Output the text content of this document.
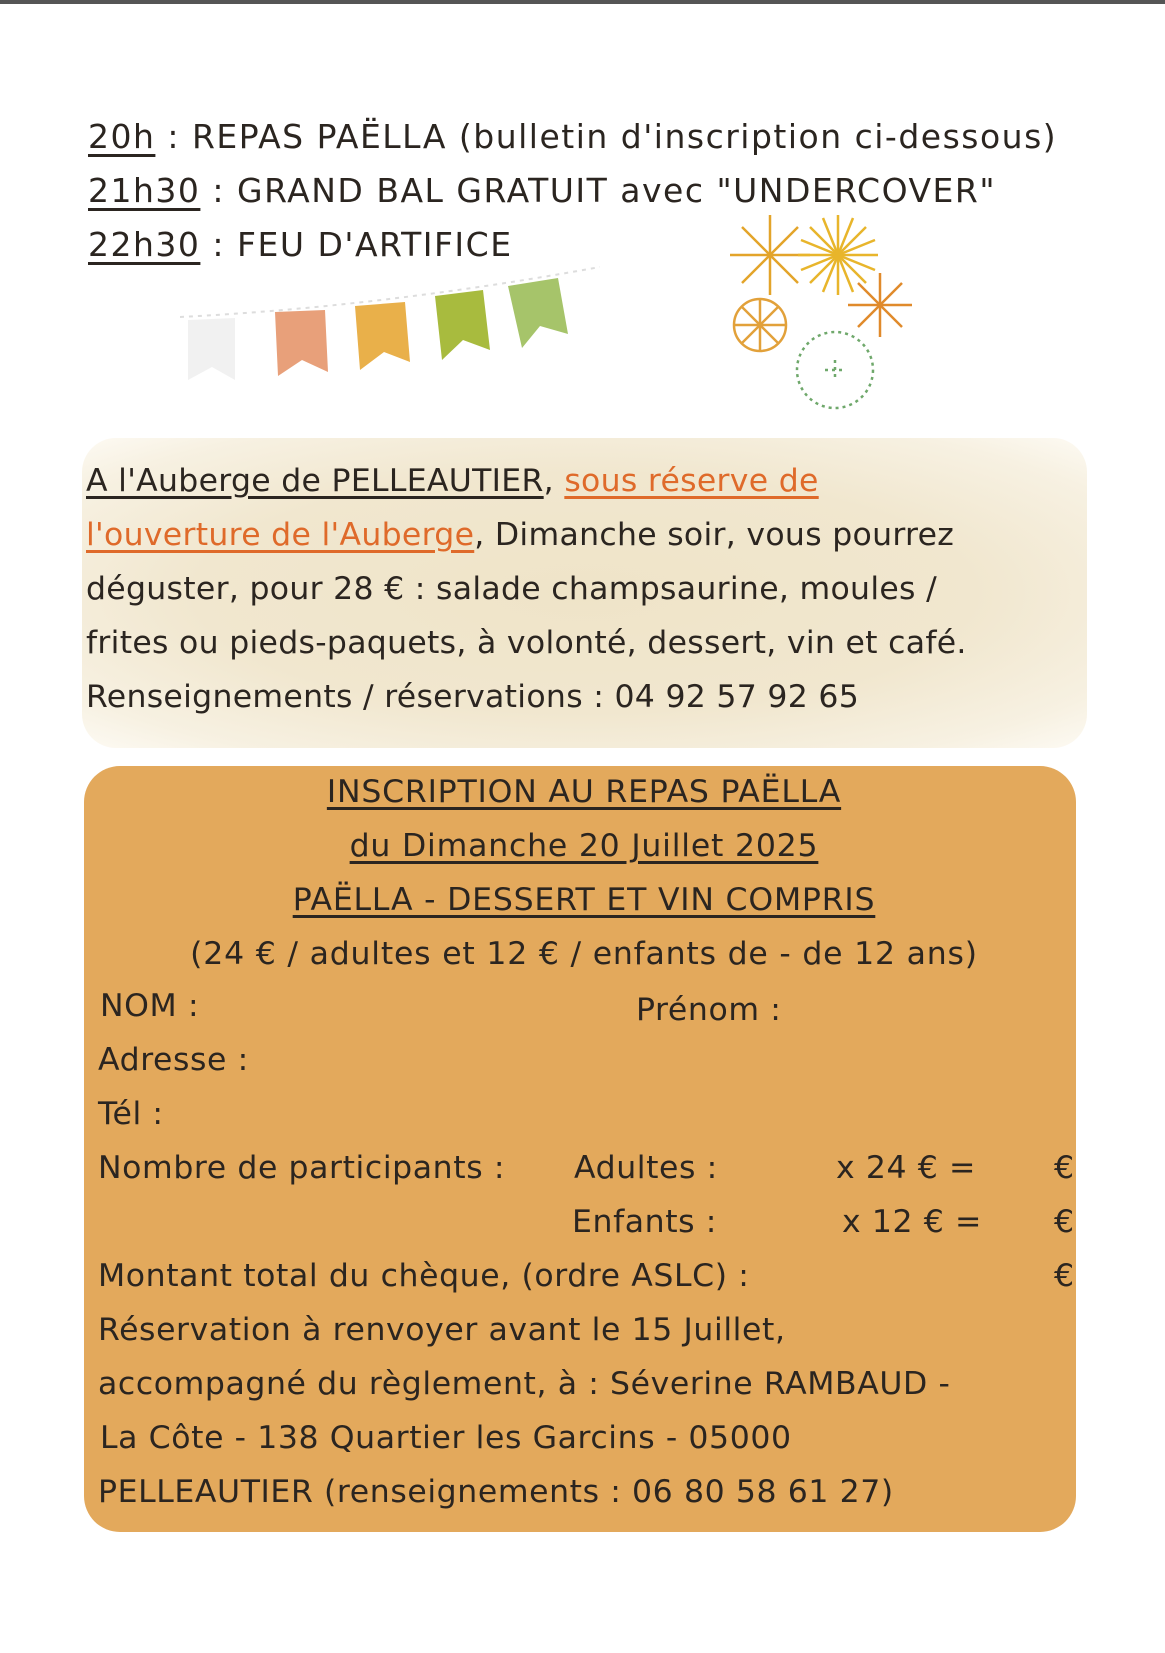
20h : REPAS PAËLLA (bulletin d'inscription ci-dessous)
21h30 : GRAND BAL GRATUIT avec "UNDERCOVER"
22h30 : FEU D'ARTIFICE

A l'Auberge de PELLEAUTIER, sous réserve de

l'ouverture de l'Auberge, Dimanche soir, vous pourrez

déguster, pour 28 € : salade champsaurine, moules /

frites ou pieds-paquets, à volonté, dessert, vin et café.

Renseignements / réservations : 04 92 57 92 65

INSCRIPTION AU REPAS PAËLLA
du Dimanche 20 Juillet 2025
PAËLLA - DESSERT ET VIN COMPRIS
(24 € / adultes et 12 € / enfants de - de 12 ans)
NOM :	Prénom :
Adresse :
Tél :
Nombre de participants : Adultes :	x 24 € = €
Enfants :	x 12 € = €
Montant total du chèque, (ordre ASLC) :	€
Réservation à renvoyer avant le 15 Juillet,
accompagné du règlement, à : Séverine RAMBAUD -
La Côte - 138 Quartier les Garcins - 05000
PELLEAUTIER (renseignements : 06 80 58 61 27)
